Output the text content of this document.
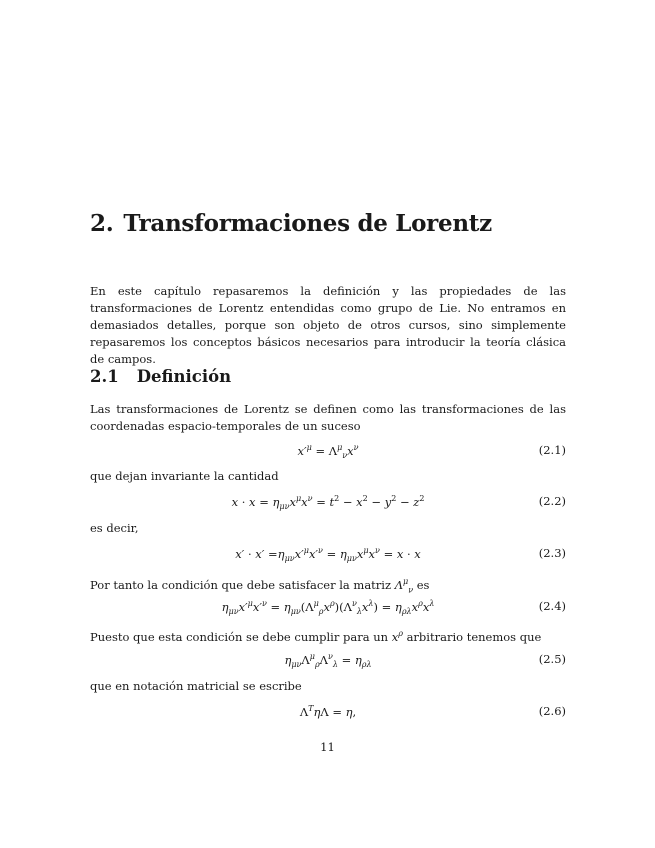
2. Transformaciones de Lorentz
En este capítulo repasaremos la definición y las propiedades de las transformaciones de Lorentz entendidas como grupo de Lie. No entramos en demasiados detalles, porque son objeto de otros cursos, sino simplemente repasaremos los conceptos básicos necesarios para introducir la teoría clásica de campos.
2.1 Definición
Las transformaciones de Lorentz se definen como las transformaciones de las coordenadas espacio-temporales de un suceso
$x'^\mu = \Lambda^\mu_\nu x^\nu$	(2.1)
que dejan invariante la cantidad
$x \cdot x = \eta_{\mu\nu}x^\mu x^\nu = t^2 - x^2 - y^2 - z^2$	(2.2)
es decir,
$x' \cdot x' =\eta_{\mu\nu}x'^\mu x'^\nu = \eta_{\mu\nu}x^\mu x^\nu = x \cdot x$	(2.3)
Por tanto la condición que debe satisfacer la matriz $\Lambda^\mu_\nu$ es
$\eta_{\mu\nu}x'^\mu x'^\nu = \eta_{\mu\nu}(\Lambda^\mu_\rho x^\rho)(\Lambda^\nu_\lambda x^\lambda) = \eta_{\rho\lambda}x^\rho x^\lambda$	(2.4)
Puesto que esta condición se debe cumplir para un $x^\rho$ arbitrario tenemos que
$\eta_{\mu\nu}\Lambda^\mu_\rho\Lambda^\nu_\lambda = \eta_{\rho\lambda}$	(2.5)
que en notación matricial se escribe
$\Lambda^T\eta\Lambda = \eta$,	(2.6)
11
